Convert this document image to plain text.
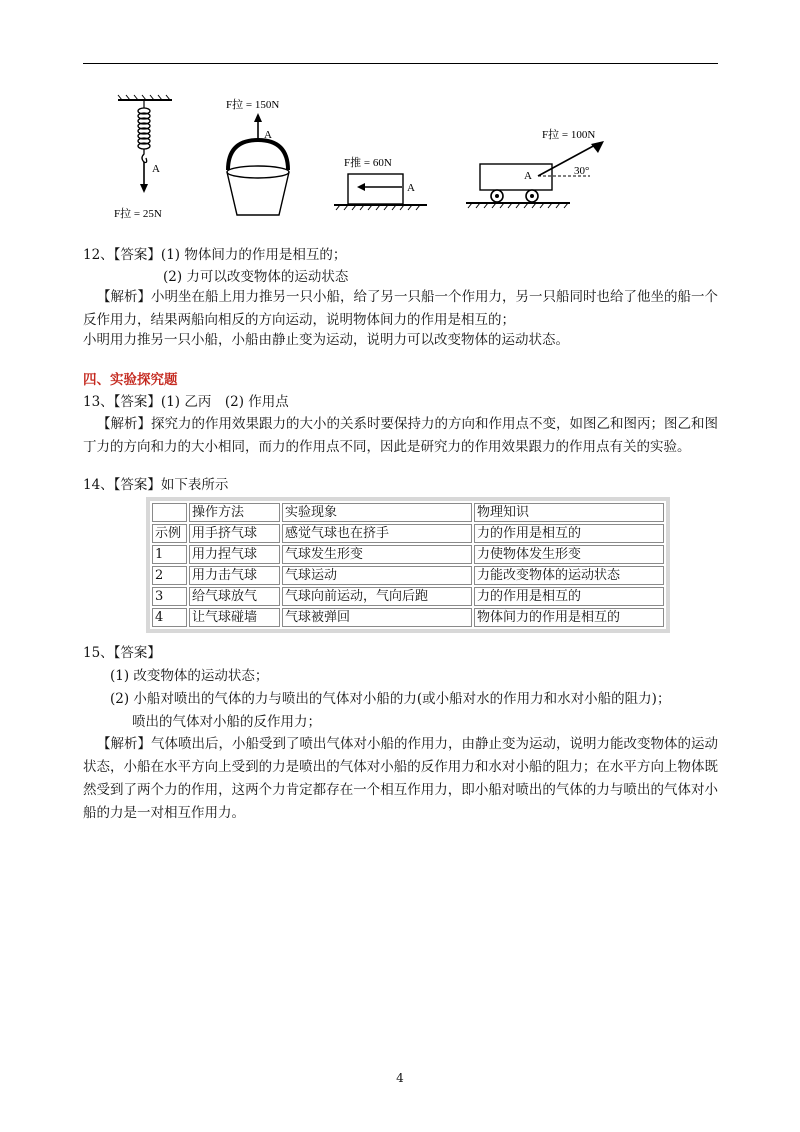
A
F拉 = 25N
F拉 = 150N
A
F推 = 60N
A
F拉 = 100N
A	30°
12、【答案】(1) 物体间力的作用是相互的；
(2) 力可以改变物体的运动状态
【解析】小明坐在船上用力推另一只小船，给了另一只船一个作用力，另一只船同时也给了他坐的船一个反作用力，结果两船向相反的方向运动，说明物体间力的作用是相互的；
小明用力推另一只小船，小船由静止变为运动，说明力可以改变物体的运动状态。
四、实验探究题
13、【答案】(1) 乙丙　(2) 作用点
【解析】探究力的作用效果跟力的大小的关系时要保持力的方向和作用点不变，如图乙和图丙；图乙和图丁力的方向和力的大小相同，而力的作用点不同，因此是研究力的作用效果跟力的作用点有关的实验。
14、【答案】如下表所示
	操作方法	实验现象	物理知识
示例	用手挤气球	感觉气球也在挤手	力的作用是相互的
1	用力捏气球	气球发生形变	力使物体发生形变
2	用力击气球	气球运动	力能改变物体的运动状态
3	给气球放气	气球向前运动，气向后跑	力的作用是相互的
4	让气球碰墙	气球被弹回	物体间力的作用是相互的
15、【答案】
(1) 改变物体的运动状态；
(2) 小船对喷出的气体的力与喷出的气体对小船的力(或小船对水的作用力和水对小船的阻力)；
喷出的气体对小船的反作用力；
【解析】气体喷出后，小船受到了喷出气体对小船的作用力，由静止变为运动，说明力能改变物体的运动状态，小船在水平方向上受到的力是喷出的气体对小船的反作用力和水对小船的阻力；在水平方向上物体既然受到了两个力的作用，这两个力肯定都存在一个相互作用力，即小船对喷出的气体的力与喷出的气体对小船的力是一对相互作用力。
4
